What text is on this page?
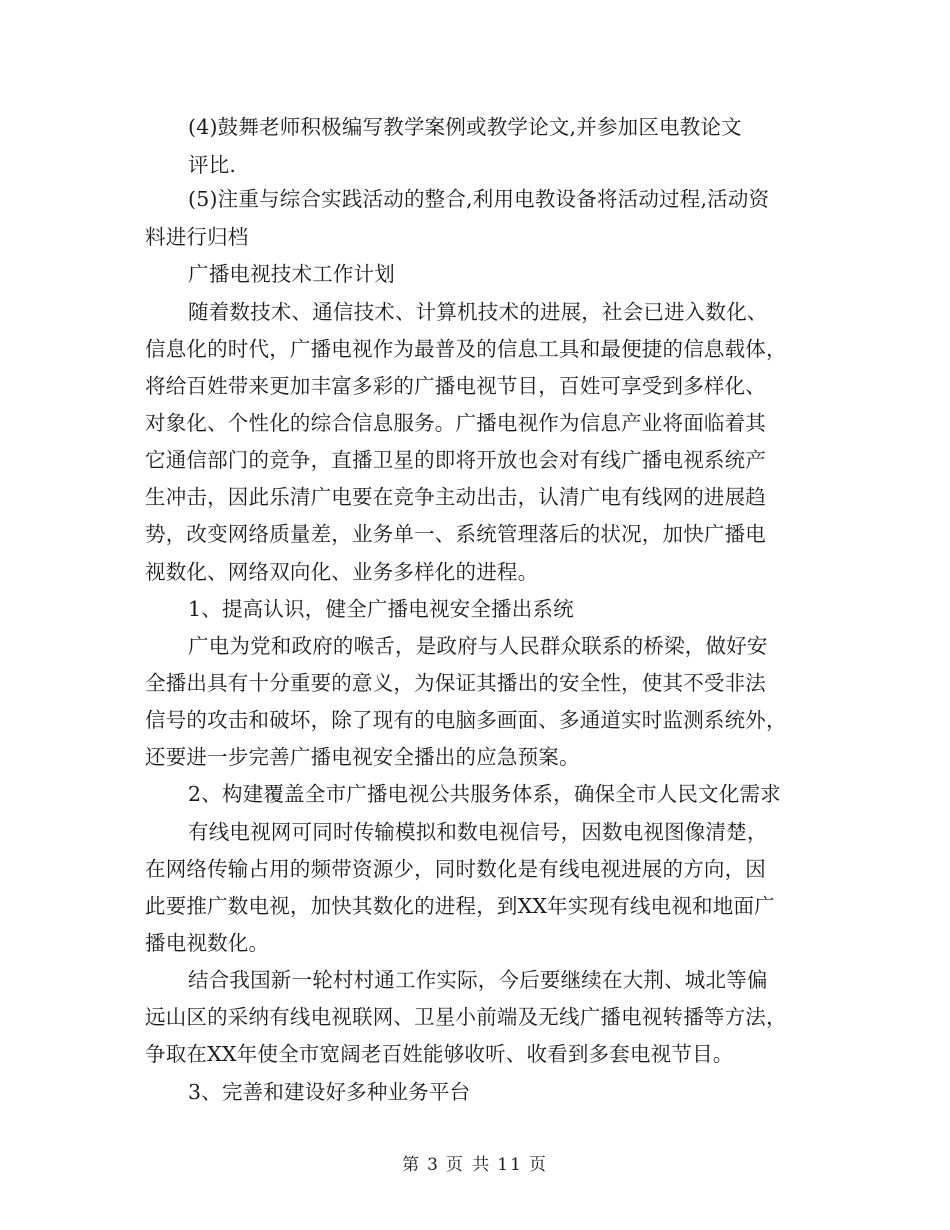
(4)鼓舞老师积极编写教学案例或教学论文,并参加区电教论文
评比.
(5)注重与综合实践活动的整合,利用电教设备将活动过程,活动资
料进行归档
广播电视技术工作计划
随着数技术、通信技术、计算机技术的进展，社会已进入数化、
信息化的时代，广播电视作为最普及的信息工具和最便捷的信息载体，
将给百姓带来更加丰富多彩的广播电视节目，百姓可享受到多样化、
对象化、个性化的综合信息服务。广播电视作为信息产业将面临着其
它通信部门的竞争，直播卫星的即将开放也会对有线广播电视系统产
生冲击，因此乐清广电要在竞争主动出击，认清广电有线网的进展趋
势，改变网络质量差，业务单一、系统管理落后的状况，加快广播电
视数化、网络双向化、业务多样化的进程。
1、提高认识，健全广播电视安全播出系统
广电为党和政府的喉舌，是政府与人民群众联系的桥梁，做好安
全播出具有十分重要的意义，为保证其播出的安全性，使其不受非法
信号的攻击和破坏，除了现有的电脑多画面、多通道实时监测系统外，
还要进一步完善广播电视安全播出的应急预案。
2、构建覆盖全市广播电视公共服务体系，确保全市人民文化需求
有线电视网可同时传输模拟和数电视信号，因数电视图像清楚，
在网络传输占用的频带资源少，同时数化是有线电视进展的方向，因
此要推广数电视，加快其数化的进程，到XX年实现有线电视和地面广
播电视数化。
结合我国新一轮村村通工作实际，今后要继续在大荆、城北等偏
远山区的采纳有线电视联网、卫星小前端及无线广播电视转播等方法，
争取在XX年使全市宽阔老百姓能够收听、收看到多套电视节目。
3、完善和建设好多种业务平台
第 3 页 共 11 页
